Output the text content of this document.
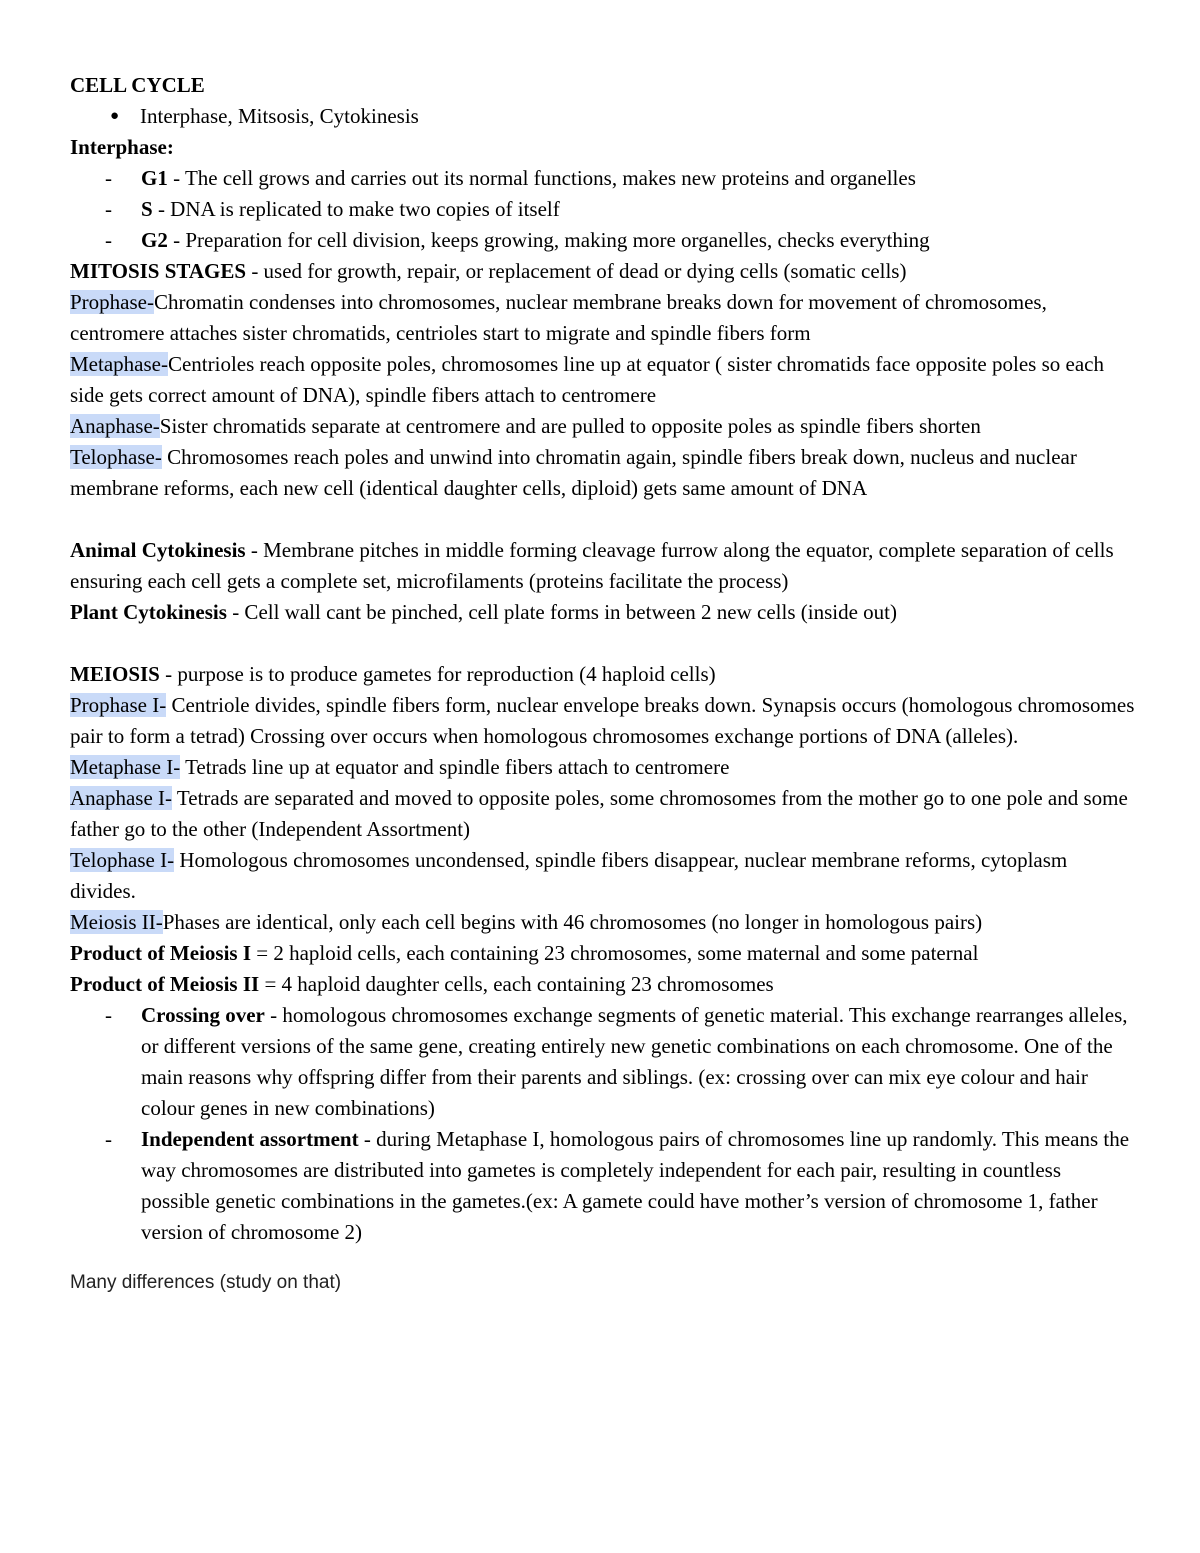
CELL CYCLE

● Interphase, Mitsosis, Cytokinesis

Interphase:

- G1 - The cell grows and carries out its normal functions, makes new proteins and organelles
- S - DNA is replicated to make two copies of itself
- G2 - Preparation for cell division, keeps growing, making more organelles, checks everything

MITOSIS STAGES - used for growth, repair, or replacement of dead or dying cells (somatic cells)

Prophase-Chromatin condenses into chromosomes, nuclear membrane breaks down for movement of chromosomes, centromere attaches sister chromatids, centrioles start to migrate and spindle fibers form

Metaphase-Centrioles reach opposite poles, chromosomes line up at equator ( sister chromatids face opposite poles so each side gets correct amount of DNA), spindle fibers attach to centromere

Anaphase-Sister chromatids separate at centromere and are pulled to opposite poles as spindle fibers shorten

Telophase- Chromosomes reach poles and unwind into chromatin again, spindle fibers break down, nucleus and nuclear membrane reforms, each new cell (identical daughter cells, diploid) gets same amount of DNA

Animal Cytokinesis - Membrane pitches in middle forming cleavage furrow along the equator, complete separation of cells ensuring each cell gets a complete set, microfilaments (proteins facilitate the process)

Plant Cytokinesis - Cell wall cant be pinched, cell plate forms in between 2 new cells (inside out)

MEIOSIS - purpose is to produce gametes for reproduction (4 haploid cells)

Prophase I- Centriole divides, spindle fibers form, nuclear envelope breaks down. Synapsis occurs (homologous chromosomes pair to form a tetrad) Crossing over occurs when homologous chromosomes exchange portions of DNA (alleles).

Metaphase I- Tetrads line up at equator and spindle fibers attach to centromere

Anaphase I- Tetrads are separated and moved to opposite poles, some chromosomes from the mother go to one pole and some father go to the other (Independent Assortment)

Telophase I- Homologous chromosomes uncondensed, spindle fibers disappear, nuclear membrane reforms, cytoplasm divides.

Meiosis II-Phases are identical, only each cell begins with 46 chromosomes (no longer in homologous pairs)

Product of Meiosis I = 2 haploid cells, each containing 23 chromosomes, some maternal and some paternal

Product of Meiosis II = 4 haploid daughter cells, each containing 23 chromosomes

- Crossing over - homologous chromosomes exchange segments of genetic material. This exchange rearranges alleles, or different versions of the same gene, creating entirely new genetic combinations on each chromosome. One of the main reasons why offspring differ from their parents and siblings. (ex: crossing over can mix eye colour and hair colour genes in new combinations)
- Independent assortment - during Metaphase I, homologous pairs of chromosomes line up randomly. This means the way chromosomes are distributed into gametes is completely independent for each pair, resulting in countless possible genetic combinations in the gametes.(ex: A gamete could have mother’s version of chromosome 1, father version of chromosome 2)

Many differences (study on that)
